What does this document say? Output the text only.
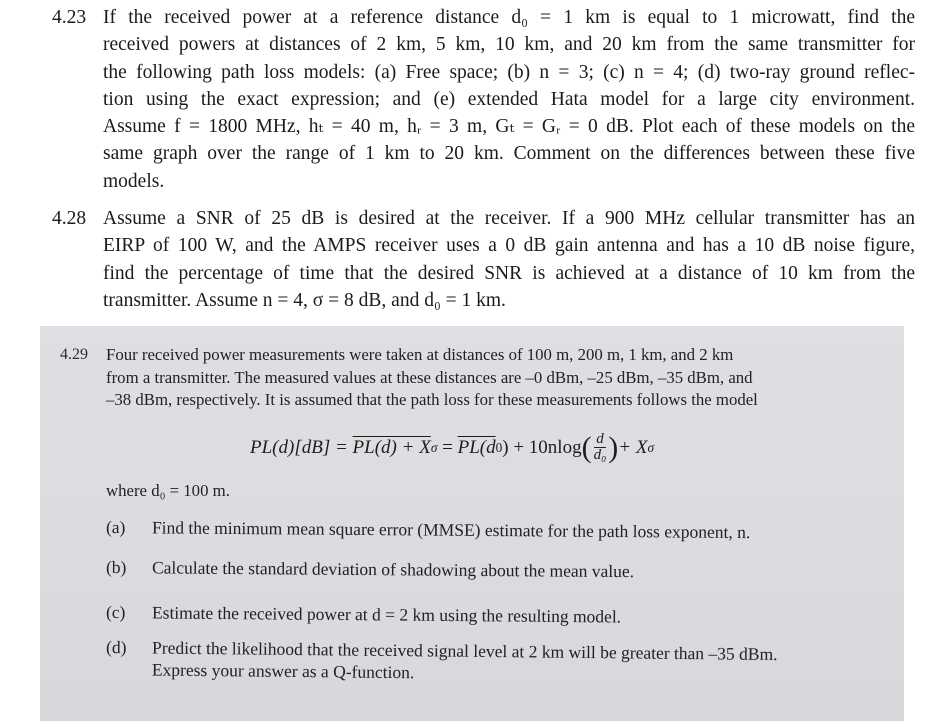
4.23 If the received power at a reference distance d₀ = 1 km is equal to 1 microwatt, find the
received powers at distances of 2 km, 5 km, 10 km, and 20 km from the same transmitter for
the following path loss models: (a) Free space; (b) n = 3; (c) n = 4; (d) two-ray ground reflec-
tion using the exact expression; and (e) extended Hata model for a large city environment.
Assume f = 1800 MHz, hₜ = 40 m, hᵣ = 3 m, Gₜ = Gᵣ = 0 dB. Plot each of these models on the
same graph over the range of 1 km to 20 km. Comment on the differences between these five
models.

4.28 Assume a SNR of 25 dB is desired at the receiver. If a 900 MHz cellular transmitter has an
EIRP of 100 W, and the AMPS receiver uses a 0 dB gain antenna and has a 10 dB noise figure,
find the percentage of time that the desired SNR is achieved at a distance of 10 km from the
transmitter. Assume n = 4, σ = 8 dB, and d₀ = 1 km.

4.29 Four received power measurements were taken at distances of 100 m, 200 m, 1 km, and 2 km
from a transmitter. The measured values at these distances are –0 dBm, –25 dBm, –35 dBm, and
–38 dBm, respectively. It is assumed that the path loss for these measurements follows the model
PL(d)[dB] =
PL(d) + X σ
=
PL(d 0 ) + 10nlog ( $\frac{d}{\text{d₀}}$ ) + X σ
where d₀ = 100 m.
(a) Find the minimum mean square error (MMSE) estimate for the path loss exponent, n.
(b) Calculate the standard deviation of shadowing about the mean value.
(c) Estimate the received power at d = 2 km using the resulting model.
(d) Predict the likelihood that the received signal level at 2 km will be greater than –35 dBm.
Express your answer as a Q-function.
